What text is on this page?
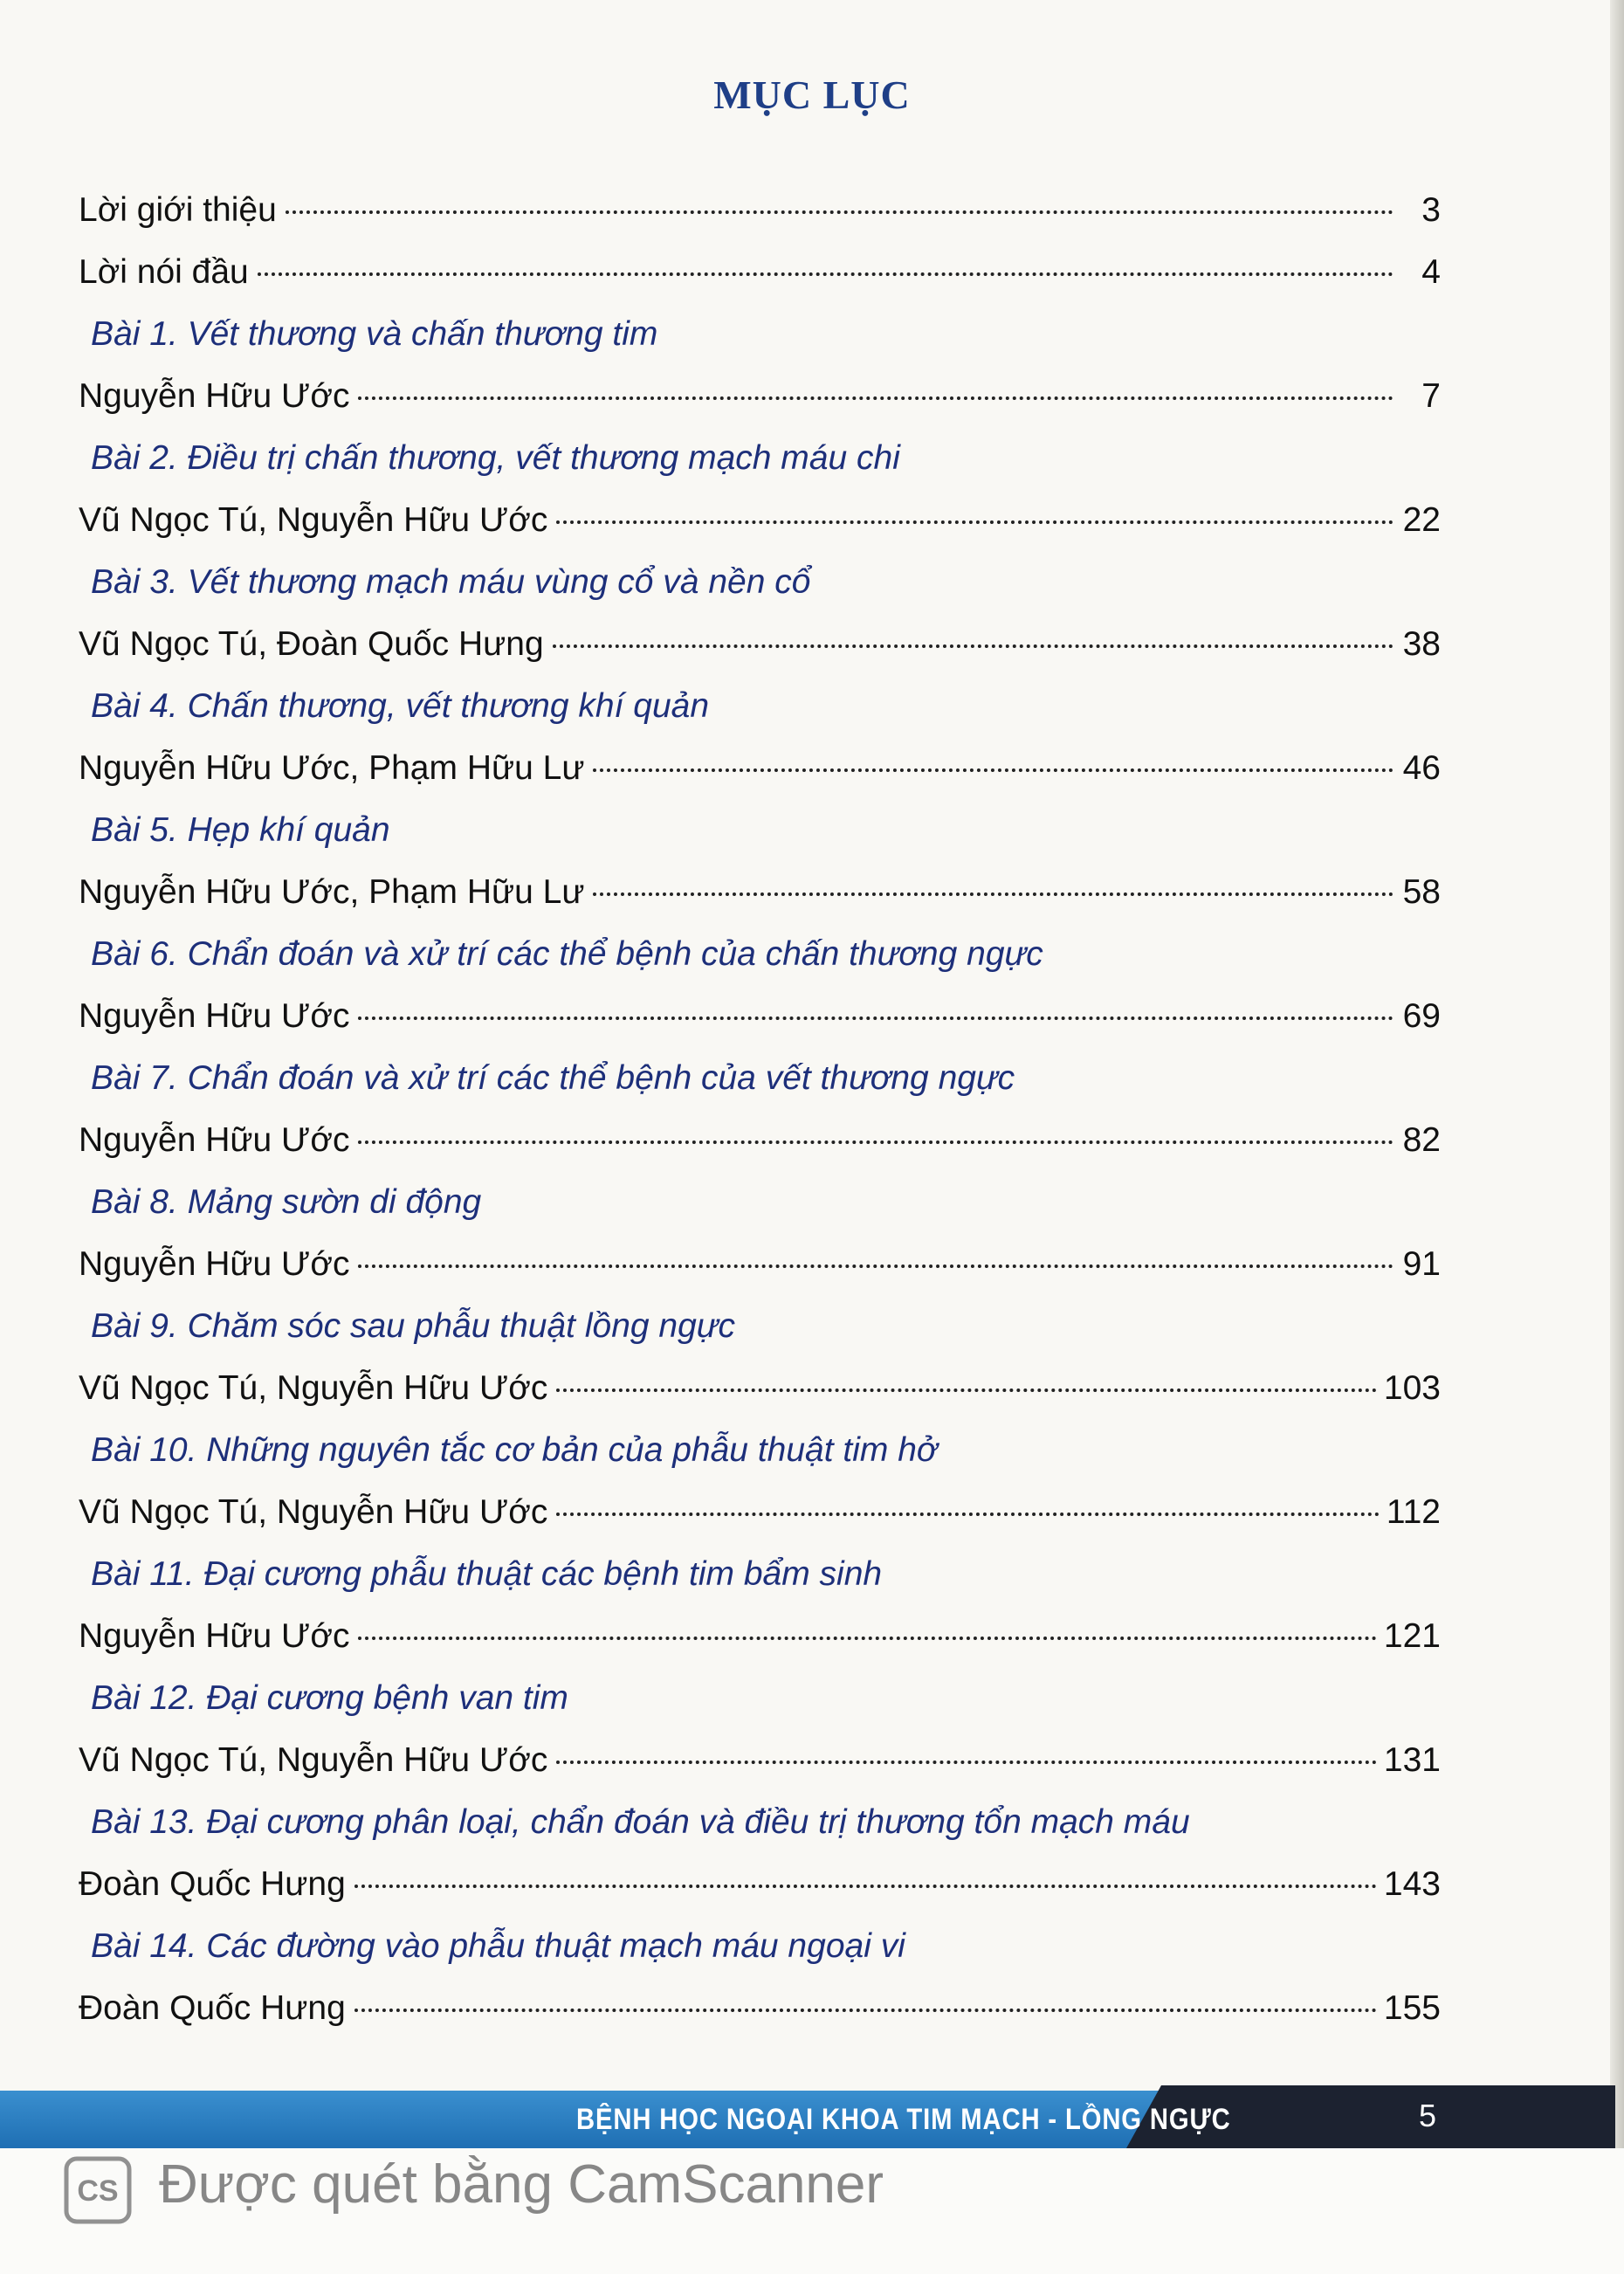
MỤC LỤC
Lời giới thiệu	3
Lời nói đầu	4
Bài 1. Vết thương và chấn thương tim
Nguyễn Hữu Ước	7
Bài 2. Điều trị chấn thương, vết thương mạch máu chi
Vũ Ngọc Tú, Nguyễn Hữu Ước	22
Bài 3. Vết thương mạch máu vùng cổ và nền cổ
Vũ Ngọc Tú, Đoàn Quốc Hưng	38
Bài 4. Chấn thương, vết thương khí quản
Nguyễn Hữu Ước, Phạm Hữu Lư	46
Bài 5. Hẹp khí quản
Nguyễn Hữu Ước, Phạm Hữu Lư	58
Bài 6. Chẩn đoán và xử trí các thể bệnh của chấn thương ngực
Nguyễn Hữu Ước	69
Bài 7. Chẩn đoán và xử trí các thể bệnh của vết thương ngực
Nguyễn Hữu Ước	82
Bài 8. Mảng sườn di động
Nguyễn Hữu Ước	91
Bài 9. Chăm sóc sau phẫu thuật lồng ngực
Vũ Ngọc Tú, Nguyễn Hữu Ước	103
Bài 10. Những nguyên tắc cơ bản của phẫu thuật tim hở
Vũ Ngọc Tú, Nguyễn Hữu Ước	112
Bài 11. Đại cương phẫu thuật các bệnh tim bẩm sinh
Nguyễn Hữu Ước	121
Bài 12. Đại cương bệnh van tim
Vũ Ngọc Tú, Nguyễn Hữu Ước	131
Bài 13. Đại cương phân loại, chẩn đoán và điều trị thương tổn mạch máu
Đoàn Quốc Hưng	143
Bài 14. Các đường vào phẫu thuật mạch máu ngoại vi
Đoàn Quốc Hưng	155
BỆNH HỌC NGOẠI KHOA TIM MẠCH - LỒNG NGỰC	5
CS Được quét bằng CamScanner
